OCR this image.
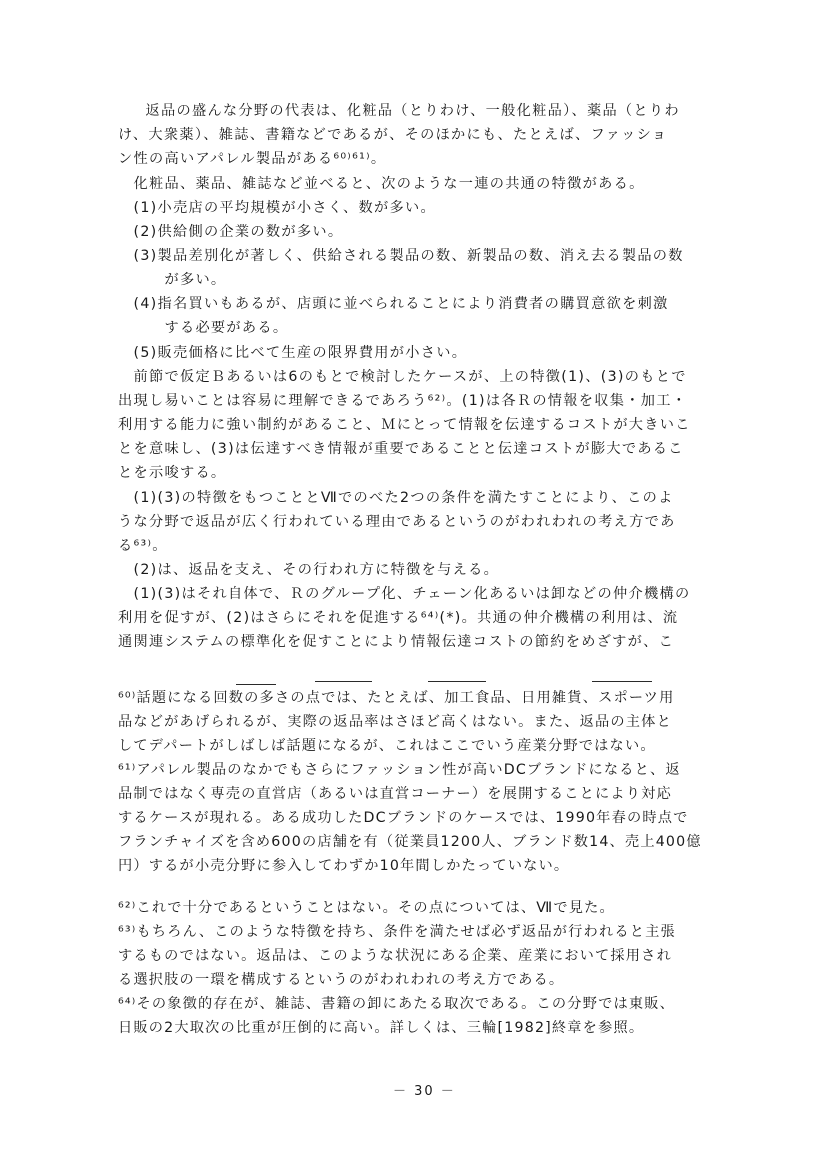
　返品の盛んな分野の代表は、化粧品（とりわけ、一般化粧品）、薬品（とりわ
け、大衆薬）、雑誌、書籍などであるが、そのほかにも、たとえば、ファッショ
ン性の高いアパレル製品がある⁶⁰⁾⁶¹⁾。
　化粧品、薬品、雑誌など並べると、次のような一連の共通の特徴がある。
　(1)小売店の平均規模が小さく、数が多い。
　(2)供給側の企業の数が多い。
　(3)製品差別化が著しく、供給される製品の数、新製品の数、消え去る製品の数
　　　が多い。
　(4)指名買いもあるが、店頭に並べられることにより消費者の購買意欲を刺激
　　　する必要がある。
　(5)販売価格に比べて生産の限界費用が小さい。
　前節で仮定Ｂあるいは6のもとで検討したケースが、上の特徴(1)、(3)のもとで
出現し易いことは容易に理解できるであろう⁶²⁾。(1)は各Ｒの情報を収集・加工・
利用する能力に強い制約があること、Ｍにとって情報を伝達するコストが大きいこ
とを意味し、(3)は伝達すべき情報が重要であることと伝達コストが膨大であるこ
とを示唆する。
　(1)(3)の特徴をもつこととⅦでのべた2つの条件を満たすことにより、このよ
うな分野で返品が広く行われている理由であるというのがわれわれの考え方であ
る⁶³⁾。
　(2)は、返品を支え、その行われ方に特徴を与える。
　(1)(3)はそれ自体で、Ｒのグループ化、チェーン化あるいは卸などの仲介機構の
利用を促すが、(2)はさらにそれを促進する⁶⁴⁾(*)。共通の仲介機構の利用は、流
通関連システムの標準化を促すことにより情報伝達コストの節約をめざすが、こ
⁶⁰⁾話題になる回数の多さの点では、たとえば、加工食品、日用雑貨、スポーツ用
品などがあげられるが、実際の返品率はさほど高くはない。また、返品の主体と
してデパートがしばしば話題になるが、これはここでいう産業分野ではない。
⁶¹⁾アパレル製品のなかでもさらにファッション性が高いDCブランドになると、返
品制ではなく専売の直営店（あるいは直営コーナー）を展開することにより対応
するケースが現れる。ある成功したDCブランドのケースでは、1990年春の時点で
フランチャイズを含め600の店舗を有（従業員1200人、ブランド数14、売上400億
円）するが小売分野に参入してわずか10年間しかたっていない。
⁶²⁾これで十分であるということはない。その点については、Ⅶで見た。
⁶³⁾もちろん、このような特徴を持ち、条件を満たせば必ず返品が行われると主張
するものではない。返品は、このような状況にある企業、産業において採用され
る選択肢の一環を構成するというのがわれわれの考え方である。
⁶⁴⁾その象徴的存在が、雑誌、書籍の卸にあたる取次である。この分野では東販、
日販の2大取次の比重が圧倒的に高い。詳しくは、三輪[1982]終章を参照。
－ 30 －
